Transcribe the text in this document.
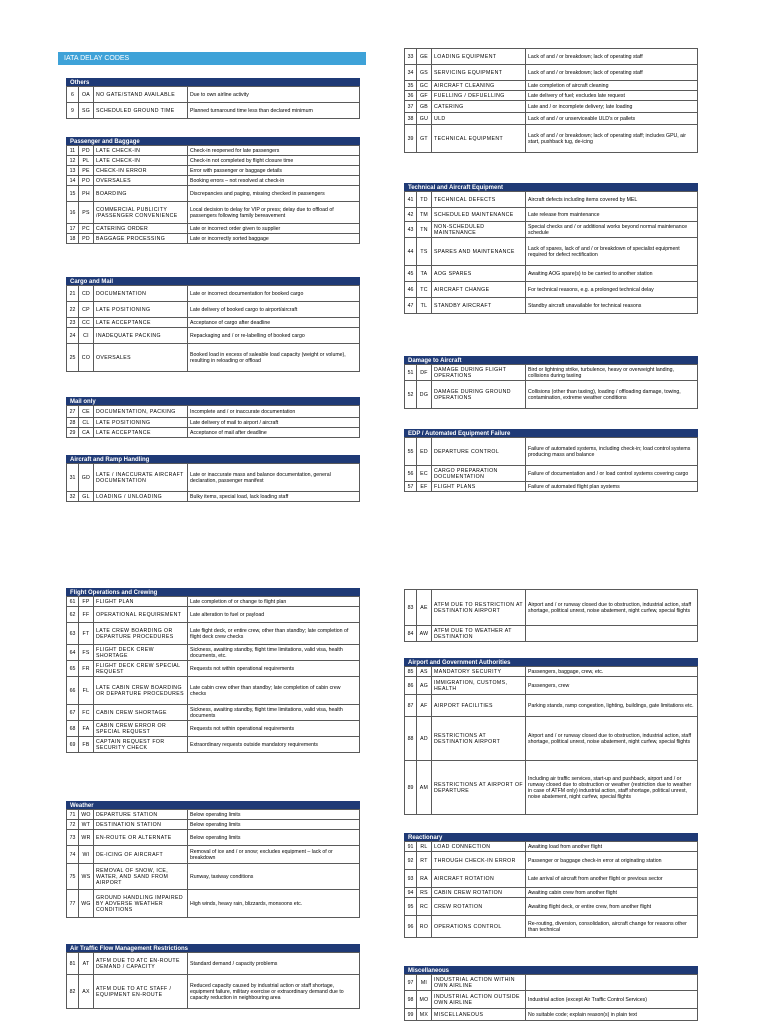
IATA DELAY CODES
Others
6	OA	NO GATE/STAND AVAILABLE	Due to own airline activity
9	SG	SCHEDULED GROUND TIME	Planned turnaround time less than declared minimum
Passenger and Baggage
11	PD	LATE CHECK-IN	Check-in reopened for late passengers
12	PL	LATE CHECK-IN	Check-in not completed by flight closure time
13	PE	CHECK-IN ERROR	Error with passenger or baggage details
14	PO	OVERSALES	Booking errors – not resolved at check-in
15	PH	BOARDING	Discrepancies and paging, missing checked in passengers
16	PS	COMMERCIAL PUBLICITY /PASSENGER CONVENIENCE	Local decision to delay for VIP or press; delay due to offload of passengers following family bereavement
17	PC	CATERING ORDER	Late or incorrect order given to supplier
18	PD	BAGGAGE PROCESSING	Late or incorrectly sorted baggage
Cargo and Mail
21	CD	DOCUMENTATION	Late or incorrect documentation for booked cargo
22	CP	LATE POSITIONING	Late delivery of booked cargo to airport/aircraft
23	CC	LATE ACCEPTANCE	Acceptance of cargo after deadline
24	CI	INADEQUATE PACKING	Repackaging and / or re-labelling of booked cargo
25	CO	OVERSALES	Booked load in excess of saleable load capacity (weight or volume), resulting in reloading or offload
Mail only
27	CE	DOCUMENTATION, PACKING	Incomplete and / or inaccurate documentation
28	CL	LATE POSITIONING	Late delivery of mail to airport / aircraft
29	CA	LATE ACCEPTANCE	Acceptance of mail after deadline
Aircraft and Ramp Handling
31	GD	LATE / INACCURATE AIRCRAFT DOCUMENTATION	Late or inaccurate mass and balance documentation, general declaration, passenger manifest
32	GL	LOADING / UNLOADING	Bulky items, special load, lack loading staff
33	GE	LOADING EQUIPMENT	Lack of and / or breakdown; lack of operating staff
34	GS	SERVICING EQUIPMENT	Lack of and / or breakdown; lack of operating staff
35	GC	AIRCRAFT CLEANING	Late completion of aircraft cleaning
36	GF	FUELLING / DEFUELLING	Late delivery of fuel; excludes late request
37	GB	CATERING	Late and / or incomplete delivery; late loading
38	GU	ULD	Lack of and / or unserviceable ULD's or pallets
39	GT	TECHNICAL EQUIPMENT	Lack of and / or breakdown; lack of operating staff; includes GPU, air start, pushback tug, de-icing
Technical and Aircraft Equipment
41	TD	TECHNICAL DEFECTS	Aircraft defects including items covered by MEL
42	TM	SCHEDULED MAINTENANCE	Late release from maintenance
43	TN	NON-SCHEDULED MAINTENANCE	Special checks and / or additional works beyond normal maintenance schedule
44	TS	SPARES AND MAINTENANCE	Lack of spares, lack of and / or breakdown of specialist equipment required for defect rectification
45	TA	AOG SPARES	Awaiting AOG spare(s) to be carried to another station
46	TC	AIRCRAFT CHANGE	For technical reasons, e.g. a prolonged technical delay
47	TL	STANDBY AIRCRAFT	Standby aircraft unavailable for technical reasons
Damage to Aircraft
51	DF	DAMAGE DURING FLIGHT OPERATIONS	Bird or lightning strike, turbulence, heavy or overweight landing, collisions during taxiing
52	DG	DAMAGE DURING GROUND OPERATIONS	Collisions (other than taxiing), loading / offloading damage, towing, contamination, extreme weather conditions
EDP / Automated Equipment Failure
55	ED	DEPARTURE CONTROL	Failure of automated systems, including check-in; load control systems producing mass and balance
56	EC	CARGO PREPARATION DOCUMENTATION	Failure of documentation and / or load control systems covering cargo
57	EF	FLIGHT PLANS	Failure of automated flight plan systems
Flight Operations and Crewing
61	FP	FLIGHT PLAN	Late completion of or change to flight plan
62	FF	OPERATIONAL REQUIREMENT	Late alteration to fuel or payload
63	FT	LATE CREW BOARDING OR DEPARTURE PROCEDURES	Late flight deck, or entire crew, other than standby; late completion of flight deck crew checks
64	FS	FLIGHT DECK CREW SHORTAGE	Sickness, awaiting standby, flight time limitations, valid visa, health documents, etc.
65	FR	FLIGHT DECK CREW SPECIAL REQUEST	Requests not within operational requirements
66	FL	LATE CABIN CREW BOARDING OR DEPARTURE PROCEDURES	Late cabin crew other than standby; late completion of cabin crew checks
67	FC	CABIN CREW SHORTAGE	Sickness, awaiting standby, flight time limitations, valid visa, health documents
68	FA	CABIN CREW ERROR OR SPECIAL REQUEST	Requests not within operational requirements
69	FB	CAPTAIN REQUEST FOR SECURITY CHECK	Extraordinary requests outside mandatory requirements
Weather
71	WO	DEPARTURE STATION	Below operating limits
72	WT	DESTINATION STATION	Below operating limits
73	WR	EN-ROUTE OR ALTERNATE	Below operating limits
74	WI	DE-ICING OF AIRCRAFT	Removal of ice and / or snow; excludes equipment – lack of or breakdown
75	WS	REMOVAL OF SNOW, ICE, WATER, AND SAND FROM AIRPORT	Runway, taxiway conditions
77	WG	GROUND HANDLING IMPAIRED BY ADVERSE WEATHER CONDITIONS	High winds, heavy rain, blizzards, monsoons etc.
Air Traffic Flow Management Restrictions
81	AT	ATFM DUE TO ATC EN-ROUTE DEMAND / CAPACITY	Standard demand / capacity problems
82	AX	ATFM DUE TO ATC STAFF / EQUIPMENT EN-ROUTE	Reduced capacity caused by industrial action or staff shortage, equipment failure, military exercise or extraordinary demand due to capacity reduction in neighbouring area
83	AE	ATFM DUE TO RESTRICTION AT DESTINATION AIRPORT	Airport and / or runway closed due to obstruction, industrial action, staff shortage, political unrest, noise abatement, night curfew, special flights
84	AW	ATFM DUE TO WEATHER AT DESTINATION	
Airport and Government Authorities
85	AS	MANDATORY SECURITY	Passengers, baggage, crew, etc.
86	AG	IMMIGRATION, CUSTOMS, HEALTH	Passengers, crew
87	AF	AIRPORT FACILITIES	Parking stands, ramp congestion, lighting, buildings, gate limitations etc.
88	AD	RESTRICTIONS AT DESTINATION AIRPORT	Airport and / or runway closed due to obstruction, industrial action, staff shortage, political unrest, noise abatement, night curfew, special flights
89	AM	RESTRICTIONS AT AIRPORT OF DEPARTURE	Including air traffic services, start-up and pushback, airport and / or runway closed due to obstruction or weather (restriction due to weather in case of ATFM only) industrial action, staff shortage, political unrest, noise abatement, night curfew, special flights
Reactionary
91	RL	LOAD CONNECTION	Awaiting load from another flight
92	RT	THROUGH CHECK-IN ERROR	Passenger or baggage check-in error at originating station
93	RA	AIRCRAFT ROTATION	Late arrival of aircraft from another flight or previous sector
94	RS	CABIN CREW ROTATION	Awaiting cabin crew from another flight
95	RC	CREW ROTATION	Awaiting flight deck, or entire crew, from another flight
96	RO	OPERATIONS CONTROL	Re-routing, diversion, consolidation, aircraft change for reasons other than technical
Miscellaneous
97	MI	INDUSTRIAL ACTION WITHIN OWN AIRLINE	
98	MO	INDUSTRIAL ACTION OUTSIDE OWN AIRLINE	Industrial action (except Air Traffic Control Services)
99	MX	MISCELLANEOUS	No suitable code; explain reason(s) in plain text
